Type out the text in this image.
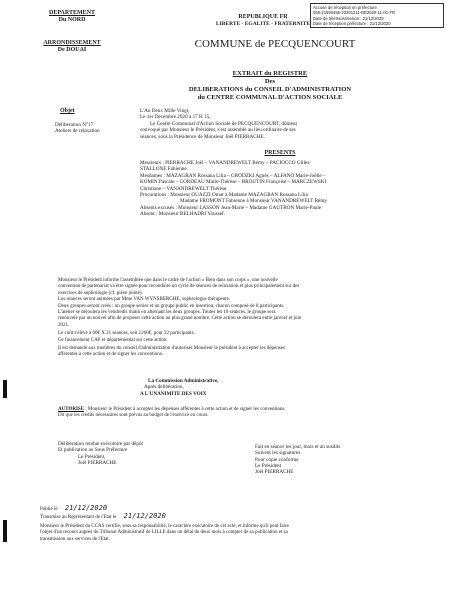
DEPARTEMENT
Du NORD
ARRONDISSEMENT
De DOUAI
REPUBLIQUE FR
LIBERTE - EGALITE - FRATERNITE
Accusé de réception en préfecture
059-21590456-20201211-DE2020-11-01-FR
Date de télétransmission : 21/12/2020
Date de réception préfecture : 21/12/2020
COMMUNE de PECQUENCOURT
EXTRAIT du REGISTRE
Des
DELIBERATIONS du CONSEIL D'ADMINISTRATION
du CENTRE COMMUNAL D'ACTION SOCIALE
Objet
Délibération N°17
Ateliers de relaxation
L'An Deux Mille Vingt,
Le 1er Décembre 2020 à 17 H 15,
Le Centre Communal d'Action Sociale de PECQUENCOURT, dûment
convoqué par Monsieur le Président, s'est assemblé au lieu ordinaire de ses
séances, sous la Présidence de Monsieur Joël PIERRACHE.
PRESENTS
Messieurs : PIERRACHE Joël – VANANDREWELT Rémy – PACIOCCO Gilles-
STALLONE Fabienne.
Mesdames : MAZAGRAN Rossana Lilia – GRODZKI Agnès – ALFANO Marie-Joëlle –
KOMIN Pascale – CORDEAU Marie-Thérèse – BROUTIN Françoise – MARCZEWSKI
Christiane – VANANDREWELT Thérèse.
Procurations : Monsieur OUAZZI Omar à Madame MAZAGRAN Rossana Lilia
Madame FROMONT Fabienne à Monsieur VANANDREWELT Rémy
Absents excusés : Monsieur LASSON Jean-Marie – Madame GAUTRON Marie-Paule
Absent : Monsieur BELHADRI Youssef.
Monsieur le Président informe l'assemblée que dans le cadre de l'action « Bien dans son corps », une nouvelle
convention de partenariat va être signée pour reconduire un cycle de séances de relaxation et plus principalement sur des
exercices de sophrologie (cf. pièce jointe).
Les séances seront animées par Mme VAN WYNSBERGHE, sophrologue thérapeute.
Deux groupes seront créés : un groupe senior et un groupe public en insertion, chacun composé de 8 participants.
L'atelier se déroulera les vendredis matin en alternant les deux groupes. Toutes les 10 séances, le groupe sera
renouvelé par un nouvel afin de proposer cette action au plus grand nombre. Cette action se déroulera entre janvier et juin
2021.
Le coût s'élève à 60€ X 21 séances, soit 1260€, pour 32 participants.
Ce financement CAF et départemental sur cette action.
Il est demandé aux membres du conseil d'administration d'autoriser Monsieur le président à accepter les dépenses
afférentes à cette action et de signer les conventions.
La Commission Administrative,
Après délibération,
A L'UNANIMITE DES VOIX
AUTORISE : Monsieur le Président à accepter les dépenses afférentes à cette action et de signer les conventions.
Dit que les crédits nécessaires sont prévus au budget de l'exercice en cours.
Délibération rendue exécutoire par dépôt
Et publication au Sous Préfecture
Le Président,
Joël PIERRACHE
Fait en séance les jour, mois et an susdits
Suivent les signatures
Pour copie conforme
Le Président
Joël PIERRACHE
Publié le 21/12/2020
Transmise au Représentant de l'Etat le 21/12/2020
Monsieur le Président du CCAS certifie, sous sa responsabilité, le caractère exécutoire de cet acte, et informe qu'il peut faire
l'objet d'un recours auprès du Tribunal Administratif de LILLE dans un délai de deux mois à compter de sa publication et sa
transmission aux services de l'Etat.
